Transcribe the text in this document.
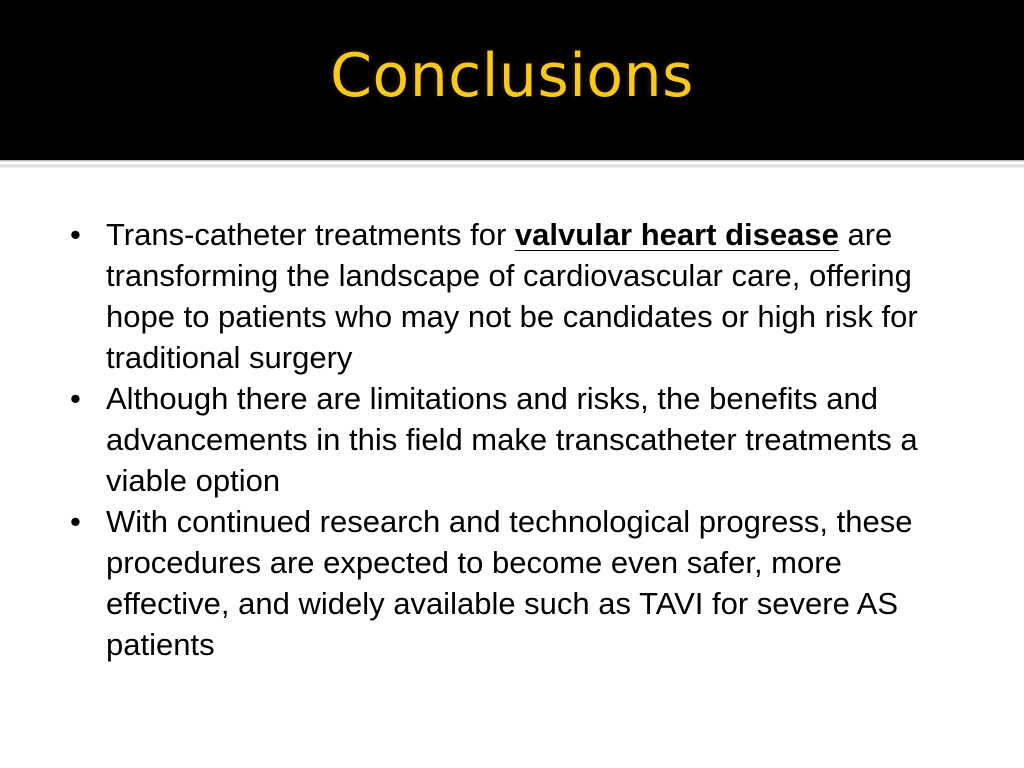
Conclusions
• Trans-catheter treatments for valvular heart disease are transforming the landscape of cardiovascular care, offering hope to patients who may not be candidates or high risk for traditional surgery
• Although there are limitations and risks, the benefits and advancements in this field make transcatheter treatments a viable option
• With continued research and technological progress, these procedures are expected to become even safer, more effective, and widely available such as TAVI for severe AS patients
